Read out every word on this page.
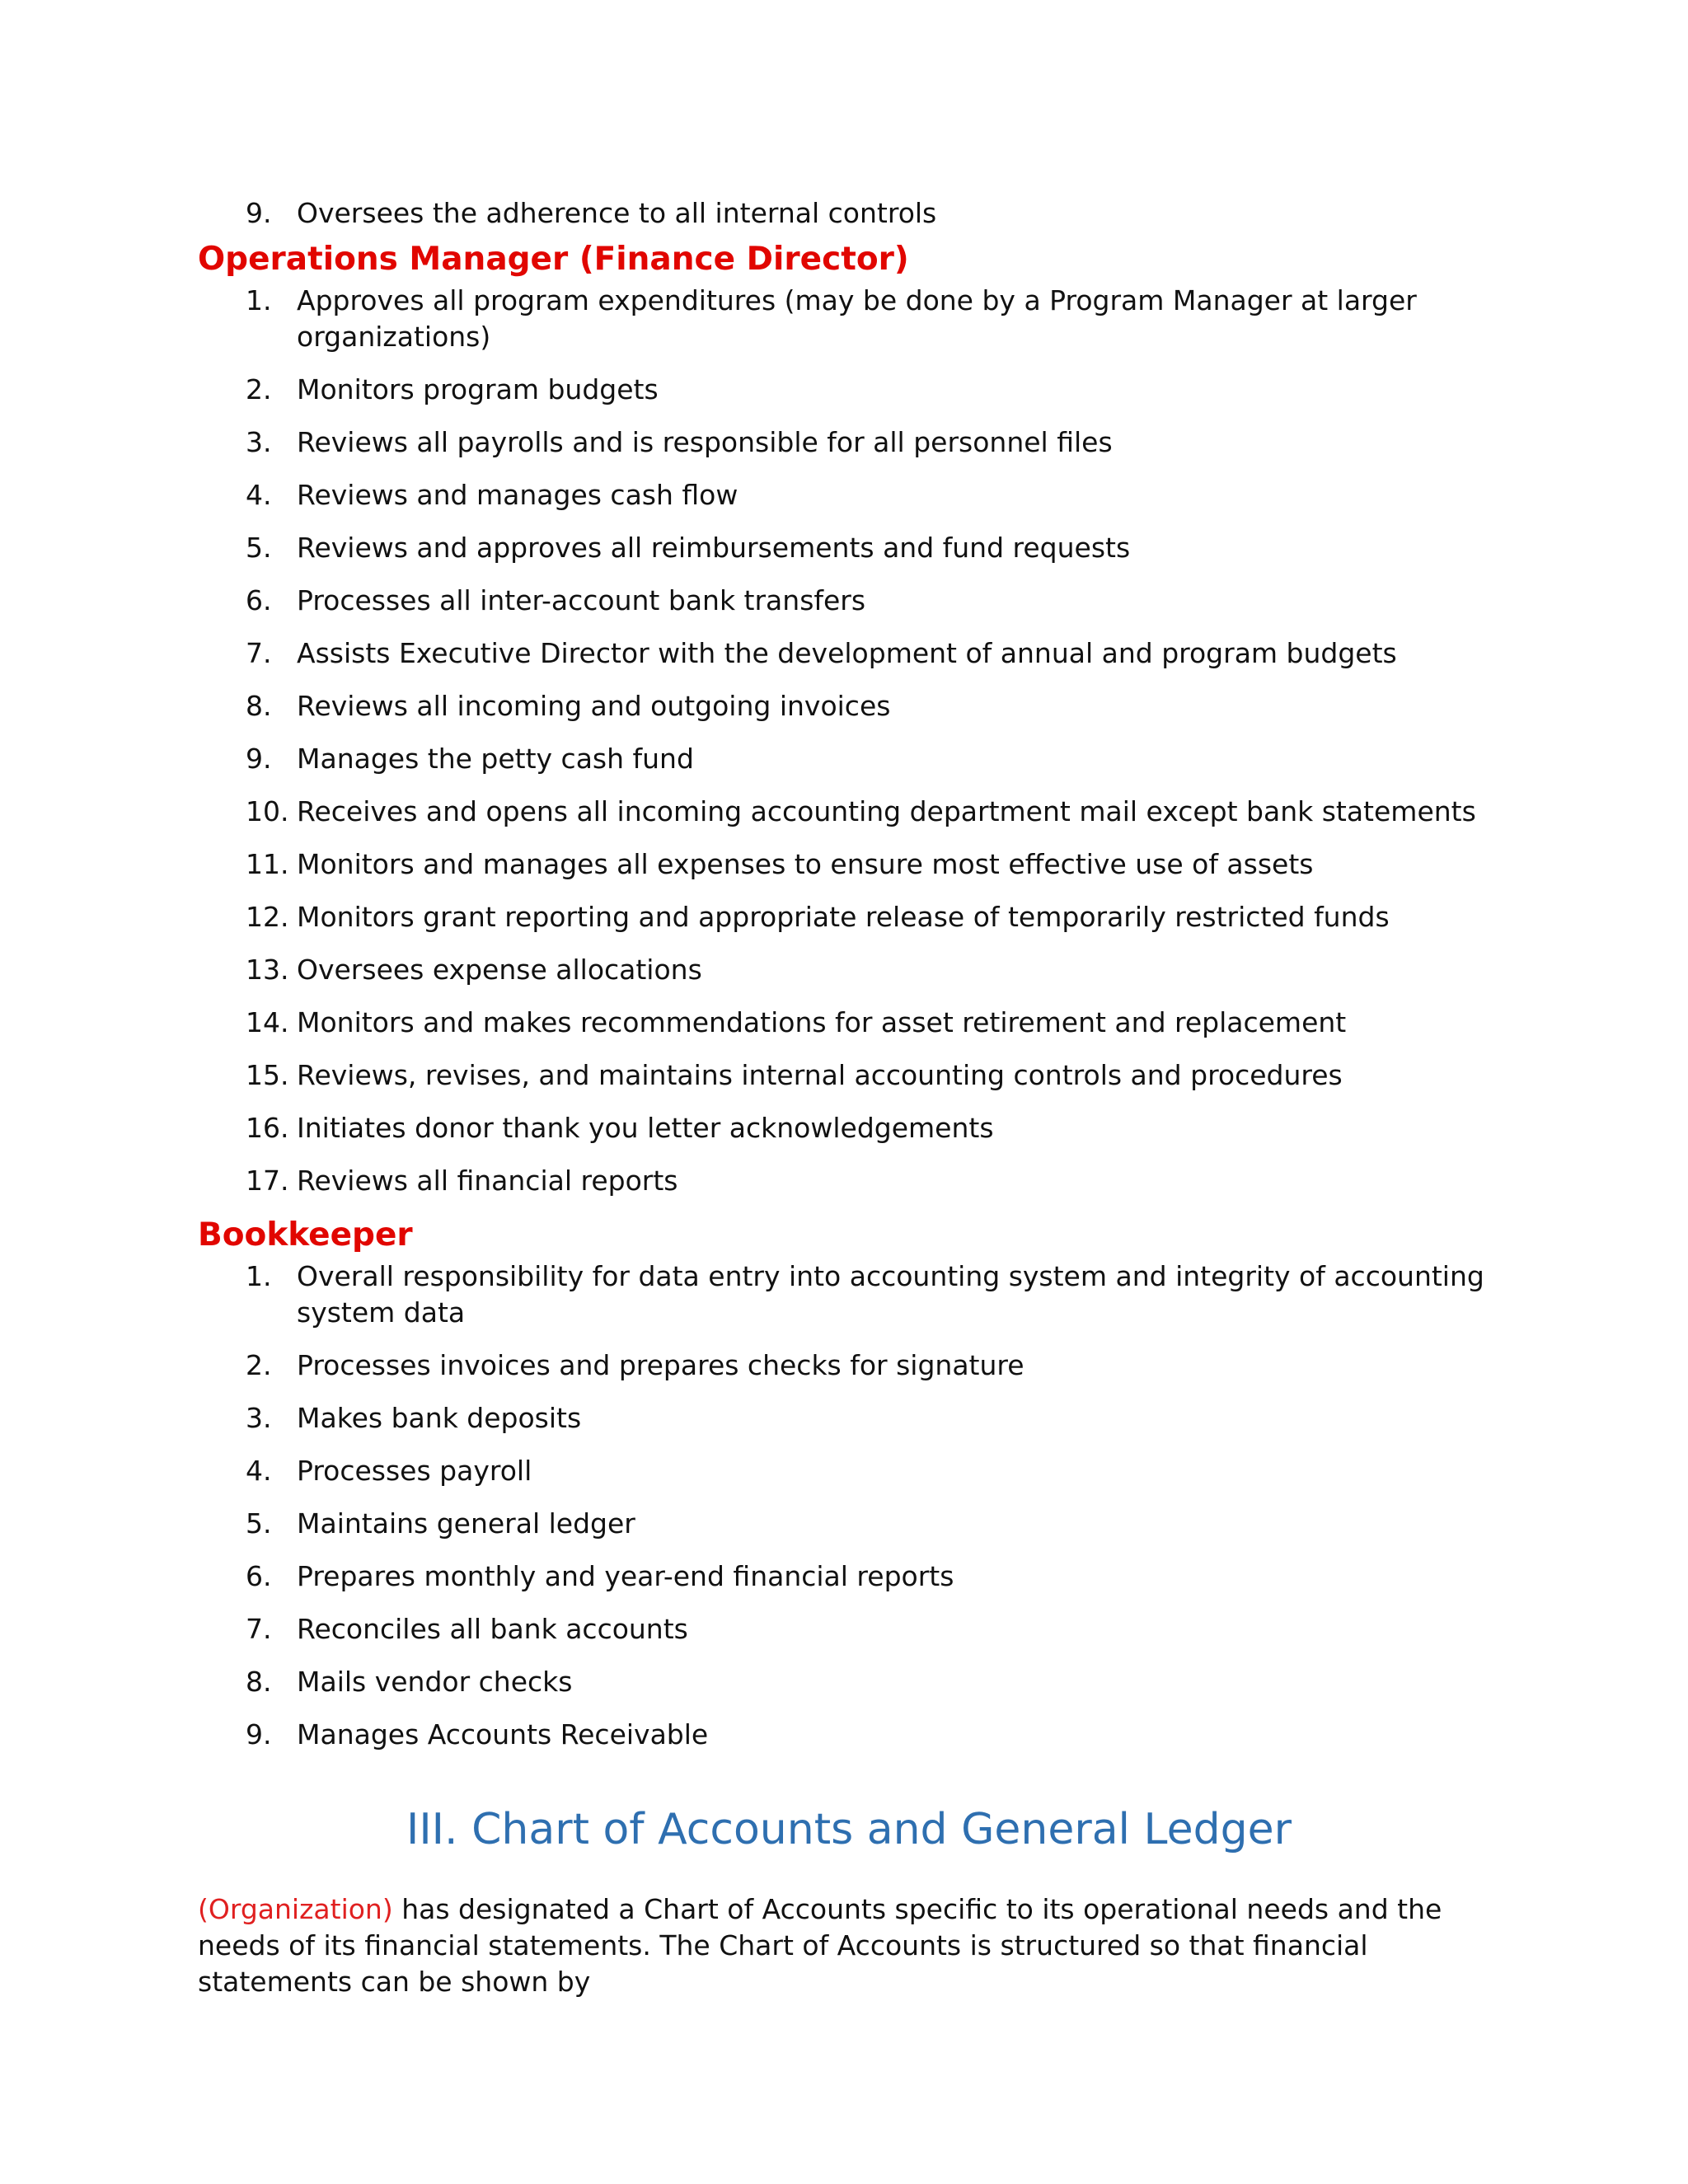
9. Oversees the adherence to all internal controls
Operations Manager (Finance Director)
1. Approves all program expenditures (may be done by a Program Manager at larger organizations)
2. Monitors program budgets
3. Reviews all payrolls and is responsible for all personnel files
4. Reviews and manages cash flow
5. Reviews and approves all reimbursements and fund requests
6. Processes all inter-account bank transfers
7. Assists Executive Director with the development of annual and program budgets
8. Reviews all incoming and outgoing invoices
9. Manages the petty cash fund
10. Receives and opens all incoming accounting department mail except bank statements
11. Monitors and manages all expenses to ensure most effective use of assets
12. Monitors grant reporting and appropriate release of temporarily restricted funds
13. Oversees expense allocations
14. Monitors and makes recommendations for asset retirement and replacement
15. Reviews, revises, and maintains internal accounting controls and procedures
16. Initiates donor thank you letter acknowledgements
17. Reviews all financial reports
Bookkeeper
1. Overall responsibility for data entry into accounting system and integrity of accounting system data
2. Processes invoices and prepares checks for signature
3. Makes bank deposits
4. Processes payroll
5. Maintains general ledger
6. Prepares monthly and year-end financial reports
7. Reconciles all bank accounts
8. Mails vendor checks
9. Manages Accounts Receivable
III. Chart of Accounts and General Ledger

(Organization) has designated a Chart of Accounts specific to its operational needs and the needs of its financial statements. The Chart of Accounts is structured so that financial statements can be shown by
